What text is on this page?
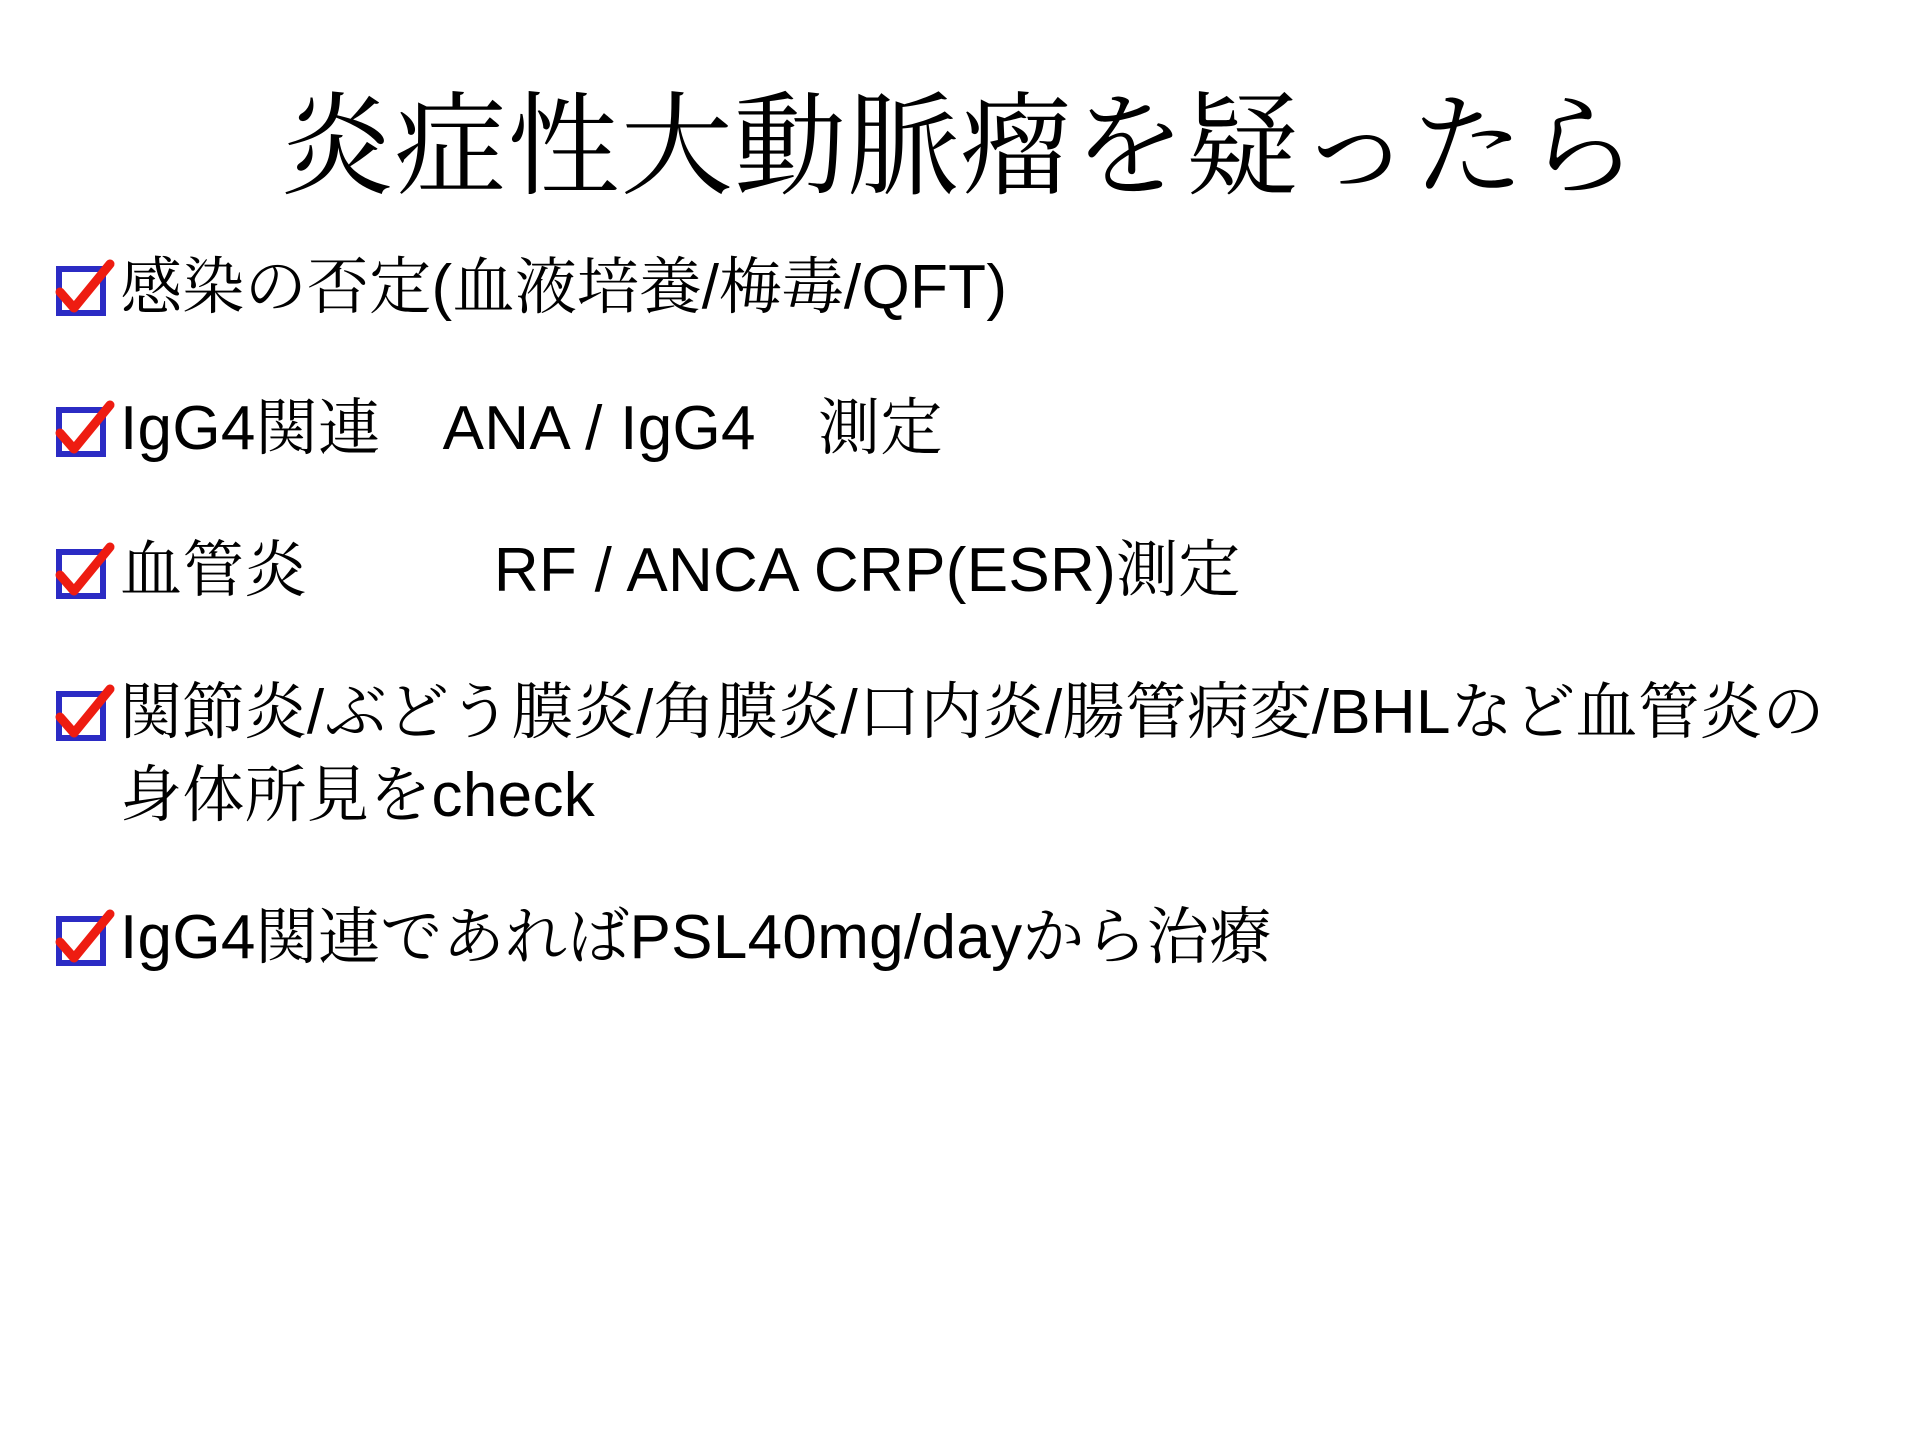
炎症性大動脈瘤を疑ったら
感染の否定(血液培養/梅毒/QFT)
IgG4関連　ANA / IgG4　測定
血管炎　　　RF / ANCA CRP(ESR)測定
関節炎/ぶどう膜炎/角膜炎/口内炎/腸管病変/BHLなど血管炎の身体所見をcheck
IgG4関連であればPSL40mg/dayから治療
